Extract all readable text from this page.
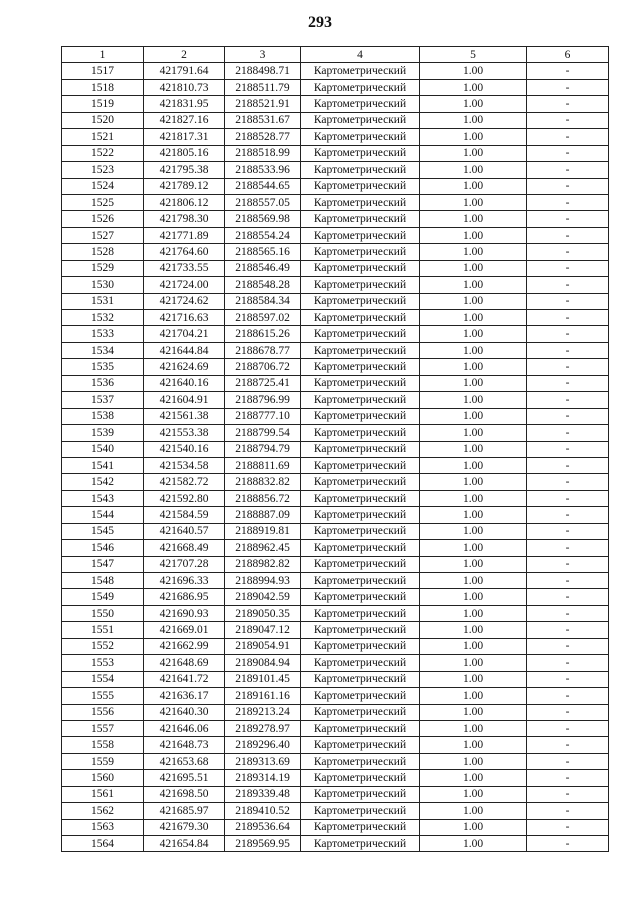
293
1	2	3	4	5	6
1517	421791.64	2188498.71	Картометрический	1.00	-
1518	421810.73	2188511.79	Картометрический	1.00	-
1519	421831.95	2188521.91	Картометрический	1.00	-
1520	421827.16	2188531.67	Картометрический	1.00	-
1521	421817.31	2188528.77	Картометрический	1.00	-
1522	421805.16	2188518.99	Картометрический	1.00	-
1523	421795.38	2188533.96	Картометрический	1.00	-
1524	421789.12	2188544.65	Картометрический	1.00	-
1525	421806.12	2188557.05	Картометрический	1.00	-
1526	421798.30	2188569.98	Картометрический	1.00	-
1527	421771.89	2188554.24	Картометрический	1.00	-
1528	421764.60	2188565.16	Картометрический	1.00	-
1529	421733.55	2188546.49	Картометрический	1.00	-
1530	421724.00	2188548.28	Картометрический	1.00	-
1531	421724.62	2188584.34	Картометрический	1.00	-
1532	421716.63	2188597.02	Картометрический	1.00	-
1533	421704.21	2188615.26	Картометрический	1.00	-
1534	421644.84	2188678.77	Картометрический	1.00	-
1535	421624.69	2188706.72	Картометрический	1.00	-
1536	421640.16	2188725.41	Картометрический	1.00	-
1537	421604.91	2188796.99	Картометрический	1.00	-
1538	421561.38	2188777.10	Картометрический	1.00	-
1539	421553.38	2188799.54	Картометрический	1.00	-
1540	421540.16	2188794.79	Картометрический	1.00	-
1541	421534.58	2188811.69	Картометрический	1.00	-
1542	421582.72	2188832.82	Картометрический	1.00	-
1543	421592.80	2188856.72	Картометрический	1.00	-
1544	421584.59	2188887.09	Картометрический	1.00	-
1545	421640.57	2188919.81	Картометрический	1.00	-
1546	421668.49	2188962.45	Картометрический	1.00	-
1547	421707.28	2188982.82	Картометрический	1.00	-
1548	421696.33	2188994.93	Картометрический	1.00	-
1549	421686.95	2189042.59	Картометрический	1.00	-
1550	421690.93	2189050.35	Картометрический	1.00	-
1551	421669.01	2189047.12	Картометрический	1.00	-
1552	421662.99	2189054.91	Картометрический	1.00	-
1553	421648.69	2189084.94	Картометрический	1.00	-
1554	421641.72	2189101.45	Картометрический	1.00	-
1555	421636.17	2189161.16	Картометрический	1.00	-
1556	421640.30	2189213.24	Картометрический	1.00	-
1557	421646.06	2189278.97	Картометрический	1.00	-
1558	421648.73	2189296.40	Картометрический	1.00	-
1559	421653.68	2189313.69	Картометрический	1.00	-
1560	421695.51	2189314.19	Картометрический	1.00	-
1561	421698.50	2189339.48	Картометрический	1.00	-
1562	421685.97	2189410.52	Картометрический	1.00	-
1563	421679.30	2189536.64	Картометрический	1.00	-
1564	421654.84	2189569.95	Картометрический	1.00	-
